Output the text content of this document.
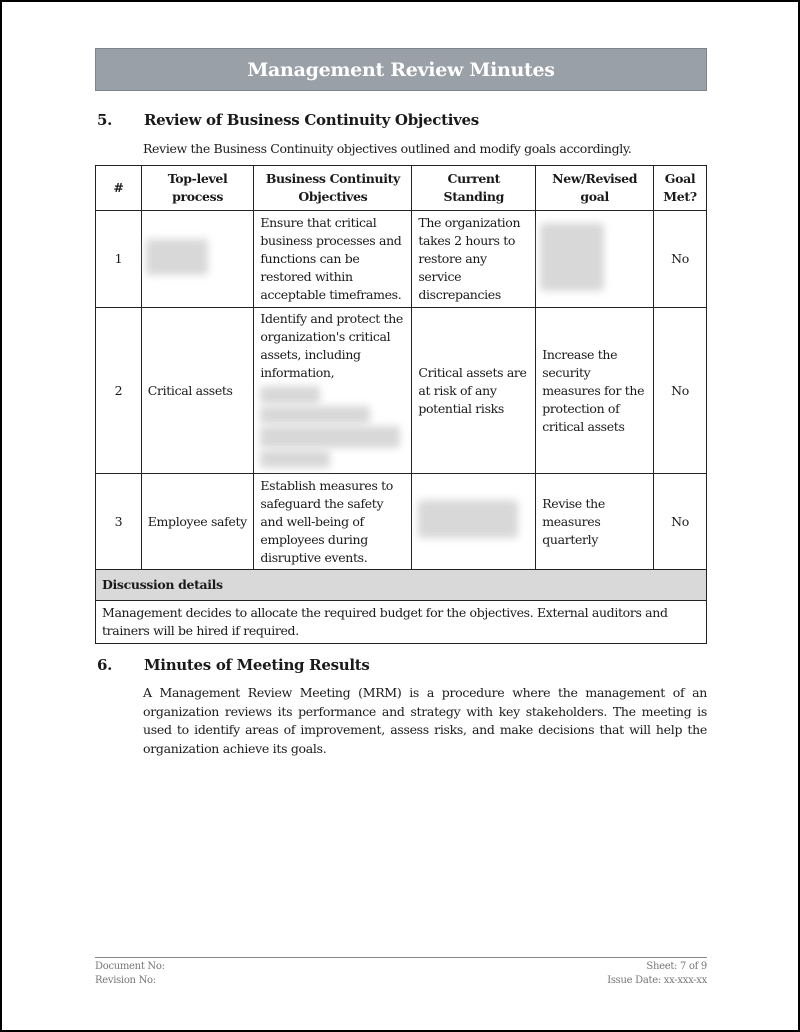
Management Review Minutes
5.	Review of Business Continuity Objectives
Review the Business Continuity objectives outlined and modify goals accordingly.
#	Top-level process	Business Continuity Objectives	Current Standing	New/Revised goal	Goal Met?
1		Ensure that critical business processes and functions can be restored within acceptable timeframes.	The organization takes 2 hours to restore any service discrepancies		No
2	Critical assets	Identify and protect the organization's critical assets, including information,	Critical assets are at risk of any potential risks	Increase the security measures for the protection of critical assets	No
3	Employee safety	Establish measures to safeguard the safety and well-being of employees during disruptive events.		Revise the measures quarterly	No
Discussion details					
Management decides to allocate the required budget for the objectives. External auditors and trainers will be hired if required.					
6.	Minutes of Meeting Results
A Management Review Meeting (MRM) is a procedure where the management of an organization reviews its performance and strategy with key stakeholders. The meeting is used to identify areas of improvement, assess risks, and make decisions that will help the organization achieve its goals.
Document No:	Sheet: 7 of 9
Revision No:	Issue Date: xx-xxx-xx
